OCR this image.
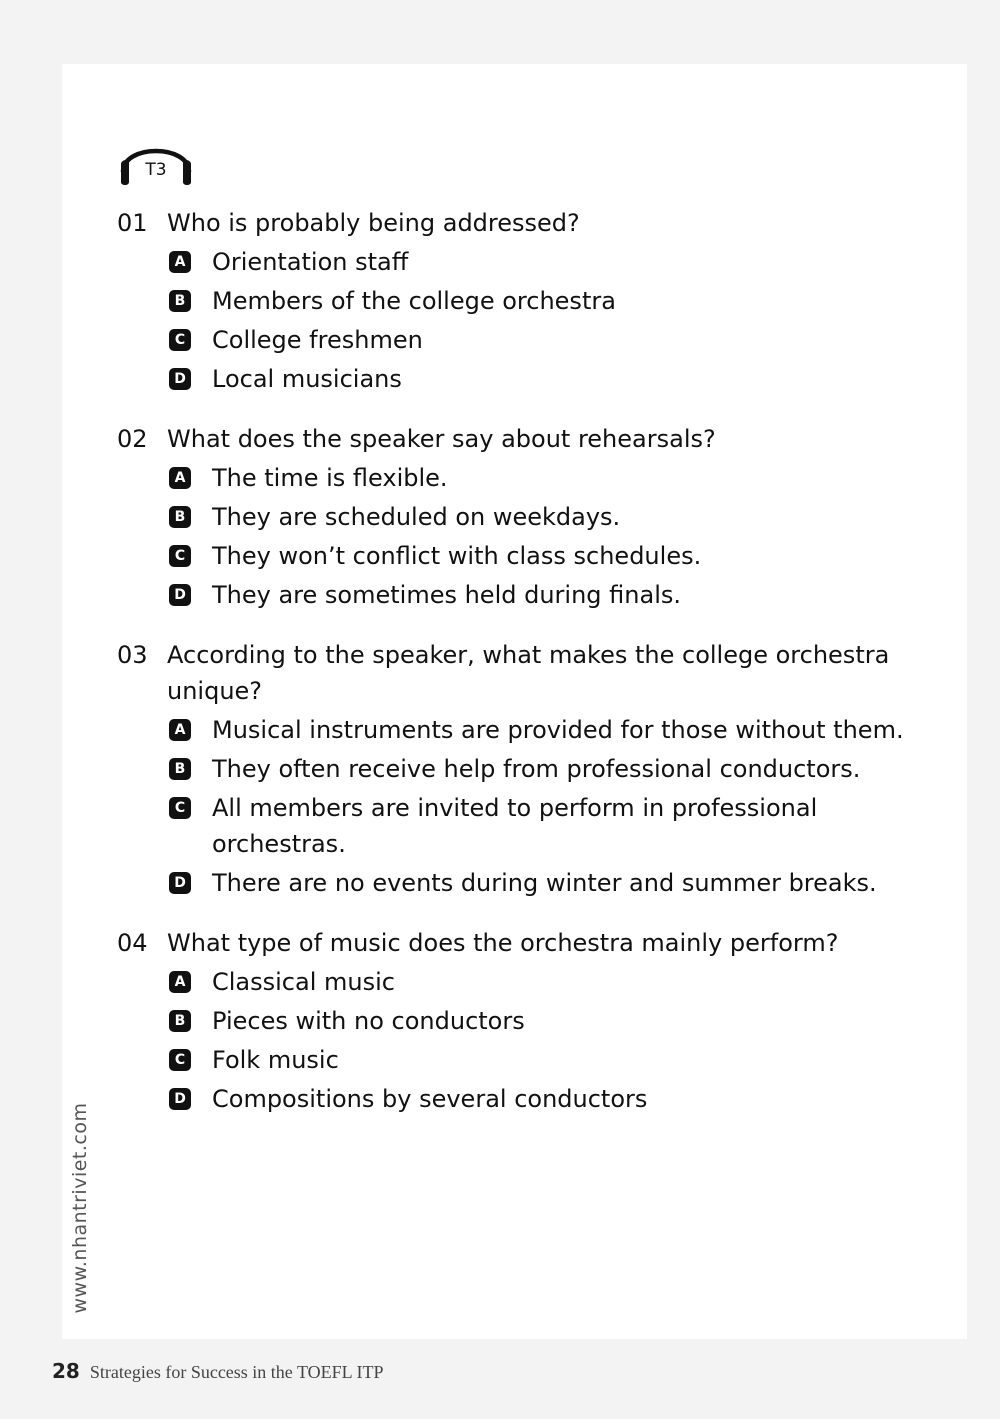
T3
01 Who is probably being addressed?
A Orientation staff
B Members of the college orchestra
C College freshmen
D Local musicians
02 What does the speaker say about rehearsals?
A The time is flexible.
B They are scheduled on weekdays.
C They won’t conflict with class schedules.
D They are sometimes held during finals.
03 According to the speaker, what makes the college orchestra unique?
A Musical instruments are provided for those without them.
B They often receive help from professional conductors.
C All members are invited to perform in professional orchestras.
D There are no events during winter and summer breaks.
04 What type of music does the orchestra mainly perform?
A Classical music
B Pieces with no conductors
C Folk music
D Compositions by several conductors
www.nhantriviet.com
28 Strategies for Success in the TOEFL ITP
